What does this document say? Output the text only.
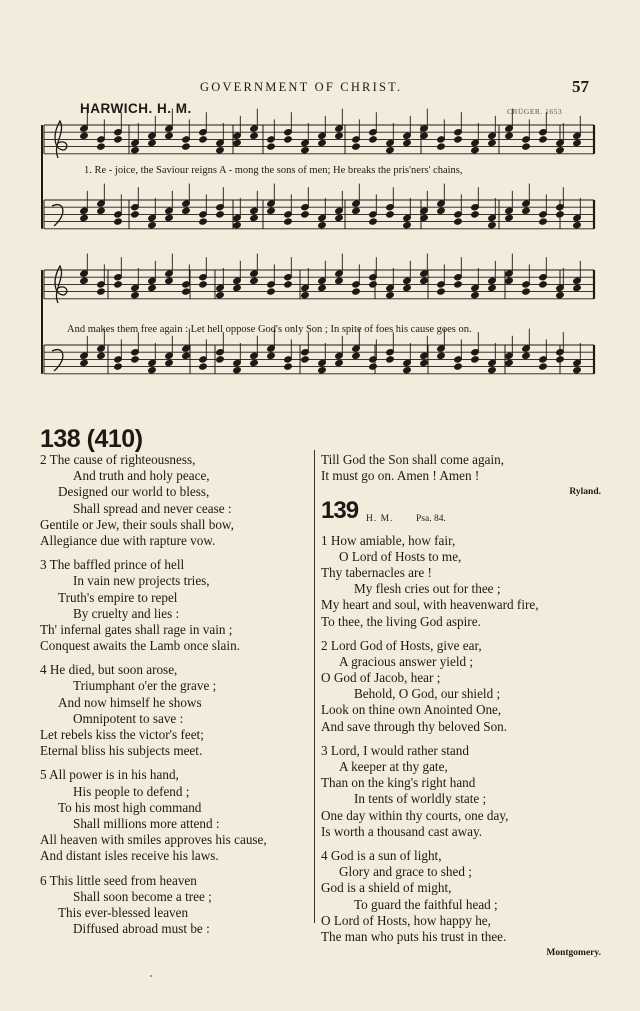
GOVERNMENT OF CHRIST.	57
HARWICH. H. M.	CRÜGER. 1653
1. Re - joice, the Saviour reigns A - mong the sons of men; He breaks the pris'ners' chains,
And makes them free again : Let hell oppose God's only Son ; In spite of foes his cause goes on.
138 (410)
2 The cause of righteousness,
And truth and holy peace,
Designed our world to bless,
Shall spread and never cease :
Gentile or Jew, their souls shall bow,
Allegiance due with rapture vow.
3 The baffled prince of hell
In vain new projects tries,
Truth's empire to repel
By cruelty and lies :
Th' infernal gates shall rage in vain ;
Conquest awaits the Lamb once slain.
4 He died, but soon arose,
Triumphant o'er the grave ;
And now himself he shows
Omnipotent to save :
Let rebels kiss the victor's feet;
Eternal bliss his subjects meet.
5 All power is in his hand,
His people to defend ;
To his most high command
Shall millions more attend :
All heaven with smiles approves his cause,
And distant isles receive his laws.
6 This little seed from heaven
Shall soon become a tree ;
This ever-blessed leaven
Diffused abroad must be :
Till God the Son shall come again,
It must go on. Amen ! Amen !
Ryland.
139 H. M. Psa. 84.
1 How amiable, how fair,
O Lord of Hosts to me,
Thy tabernacles are !
My flesh cries out for thee ;
My heart and soul, with heavenward fire,
To thee, the living God aspire.
2 Lord God of Hosts, give ear,
A gracious answer yield ;
O God of Jacob, hear ;
Behold, O God, our shield ;
Look on thine own Anointed One,
And save through thy beloved Son.
3 Lord, I would rather stand
A keeper at thy gate,
Than on the king's right hand
In tents of worldly state ;
One day within thy courts, one day,
Is worth a thousand cast away.
4 God is a sun of light,
Glory and grace to shed ;
God is a shield of might,
To guard the faithful head ;
O Lord of Hosts, how happy he,
The man who puts his trust in thee.
Montgomery.
